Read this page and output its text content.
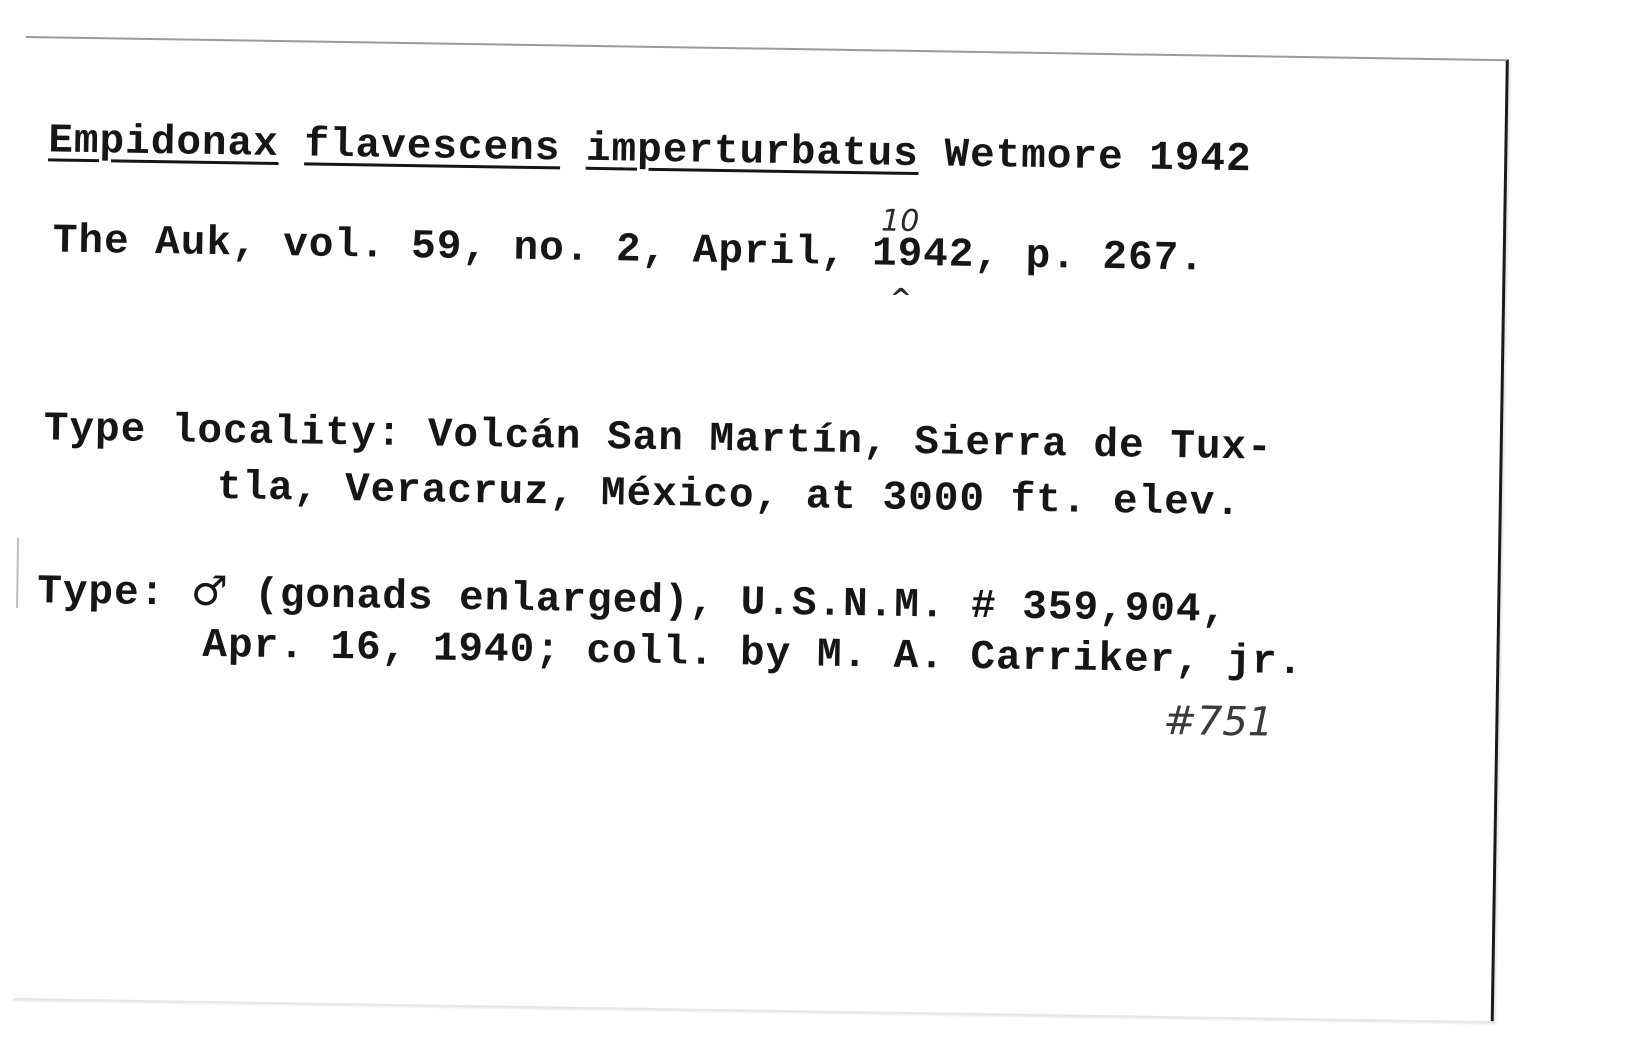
Empidonax flavescens imperturbatus Wetmore 1942
10
The Auk, vol. 59, no. 2, April, 1942, p. 267.
^
Type locality: Volcán San Martín, Sierra de Tux-
tla, Veracruz, México, at 3000 ft. elev.
Type: ♂ (gonads enlarged), U.S.N.M. # 359,904,
Apr. 16, 1940; coll. by M. A. Carriker, jr.
#751
